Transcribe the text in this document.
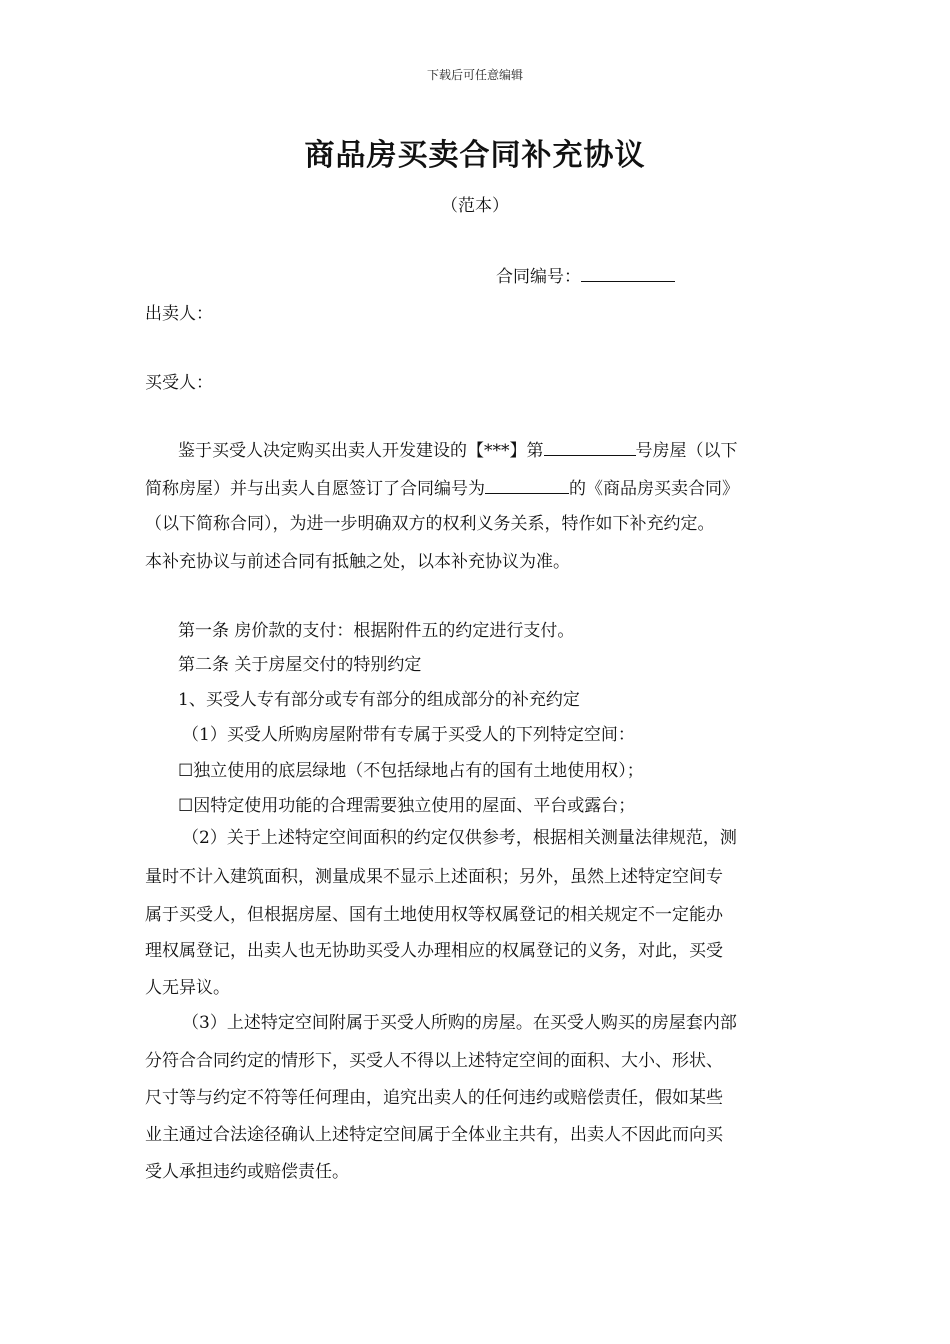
下载后可任意编辑
商品房买卖合同补充协议
（范本）
合同编号：
出卖人：
买受人：
鉴于买受人决定购买出卖人开发建设的【***】第	号房屋（以下
简称房屋）并与出卖人自愿签订了合同编号为	的《商品房买卖合同》
（以下简称合同），为进一步明确双方的权利义务关系，特作如下补充约定。
本补充协议与前述合同有抵触之处，以本补充协议为准。
第一条 房价款的支付：根据附件五的约定进行支付。
第二条 关于房屋交付的特别约定
1、买受人专有部分或专有部分的组成部分的补充约定
（1）买受人所购房屋附带有专属于买受人的下列特定空间：
☐独立使用的底层绿地（不包括绿地占有的国有土地使用权）；
☐因特定使用功能的合理需要独立使用的屋面、平台或露台；
（2）关于上述特定空间面积的约定仅供参考，根据相关测量法律规范，测
量时不计入建筑面积，测量成果不显示上述面积；另外，虽然上述特定空间专
属于买受人，但根据房屋、国有土地使用权等权属登记的相关规定不一定能办
理权属登记，出卖人也无协助买受人办理相应的权属登记的义务，对此，买受
人无异议。
（3）上述特定空间附属于买受人所购的房屋。在买受人购买的房屋套内部
分符合合同约定的情形下，买受人不得以上述特定空间的面积、大小、形状、
尺寸等与约定不符等任何理由，追究出卖人的任何违约或赔偿责任，假如某些
业主通过合法途径确认上述特定空间属于全体业主共有，出卖人不因此而向买
受人承担违约或赔偿责任。
